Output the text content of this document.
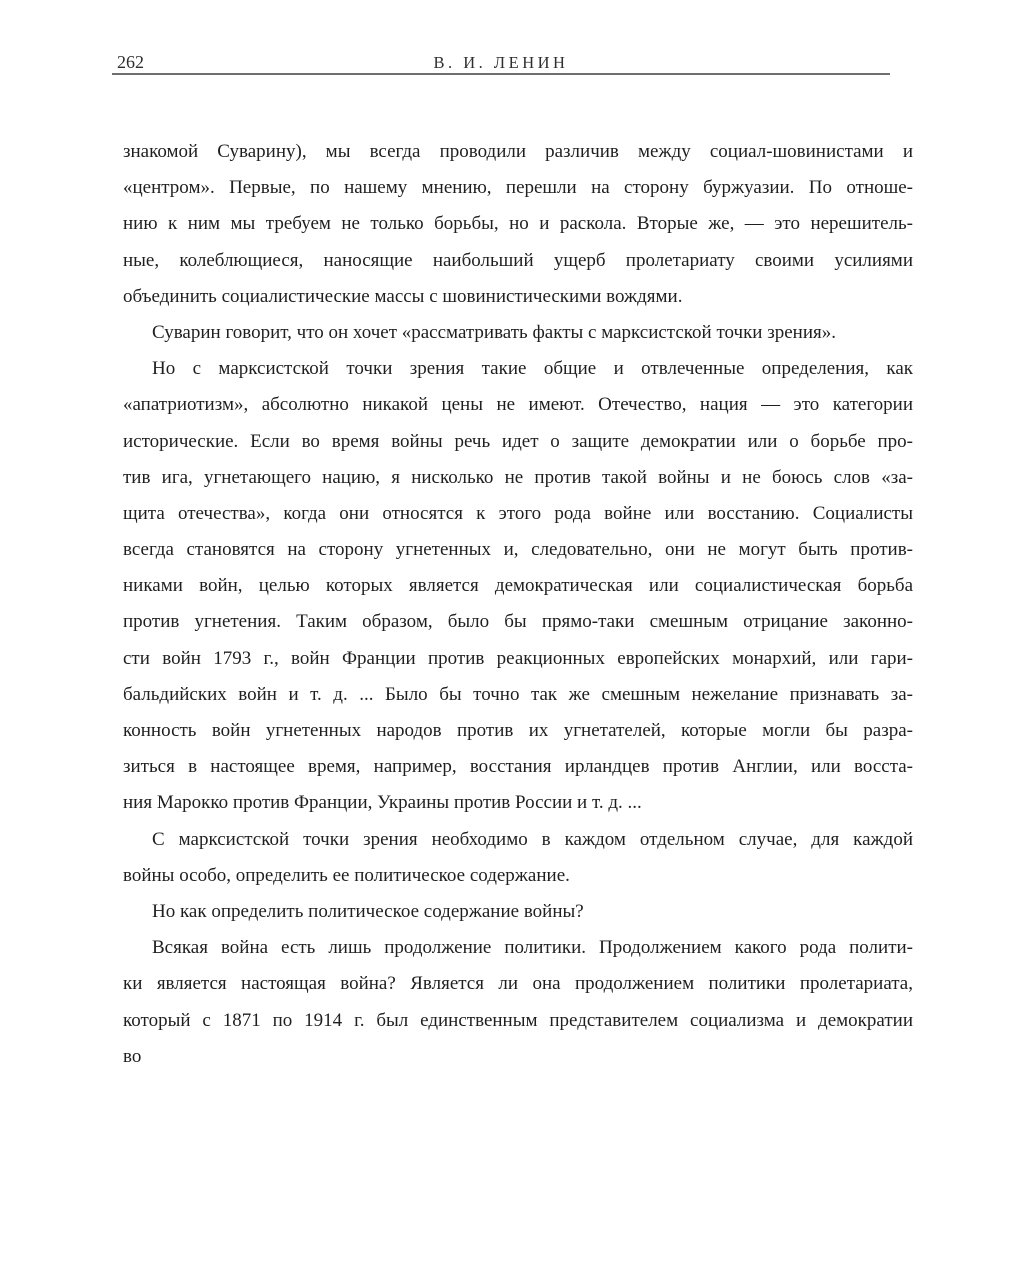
262	В. И. ЛЕНИН
знакомой Суварину), мы всегда проводили различив между социал-шовинистами и
«центром». Первые, по нашему мнению, перешли на сторону буржуазии. По отноше-
нию к ним мы требуем не только борьбы, но и раскола. Вторые же, — это нерешитель-
ные, колеблющиеся, наносящие наибольший ущерб пролетариату своими усилиями
объединить социалистические массы с шовинистическими вождями.
Суварин говорит, что он хочет «рассматривать факты с марксистской точки зрения».
Но с марксистской точки зрения такие общие и отвлеченные определения, как
«апатриотизм», абсолютно никакой цены не имеют. Отечество, нация — это категории
исторические. Если во время войны речь идет о защите демократии или о борьбе про-
тив ига, угнетающего нацию, я нисколько не против такой войны и не боюсь слов «за-
щита отечества», когда они относятся к этого рода войне или восстанию. Социалисты
всегда становятся на сторону угнетенных и, следовательно, они не могут быть против-
никами войн, целью которых является демократическая или социалистическая борьба
против угнетения. Таким образом, было бы прямо-таки смешным отрицание законно-
сти войн 1793 г., войн Франции против реакционных европейских монархий, или гари-
бальдийских войн и т. д. ... Было бы точно так же смешным нежелание признавать за-
конность войн угнетенных народов против их угнетателей, которые могли бы разра-
зиться в настоящее время, например, восстания ирландцев против Англии, или восста-
ния Марокко против Франции, Украины против России и т. д. ...
С марксистской точки зрения необходимо в каждом отдельном случае, для каждой
войны особо, определить ее политическое содержание.
Но как определить политическое содержание войны?
Всякая война есть лишь продолжение политики. Продолжением какого рода полити-
ки является настоящая война? Является ли она продолжением политики пролетариата,
который с 1871 по 1914 г. был единственным представителем социализма и демократии
во
